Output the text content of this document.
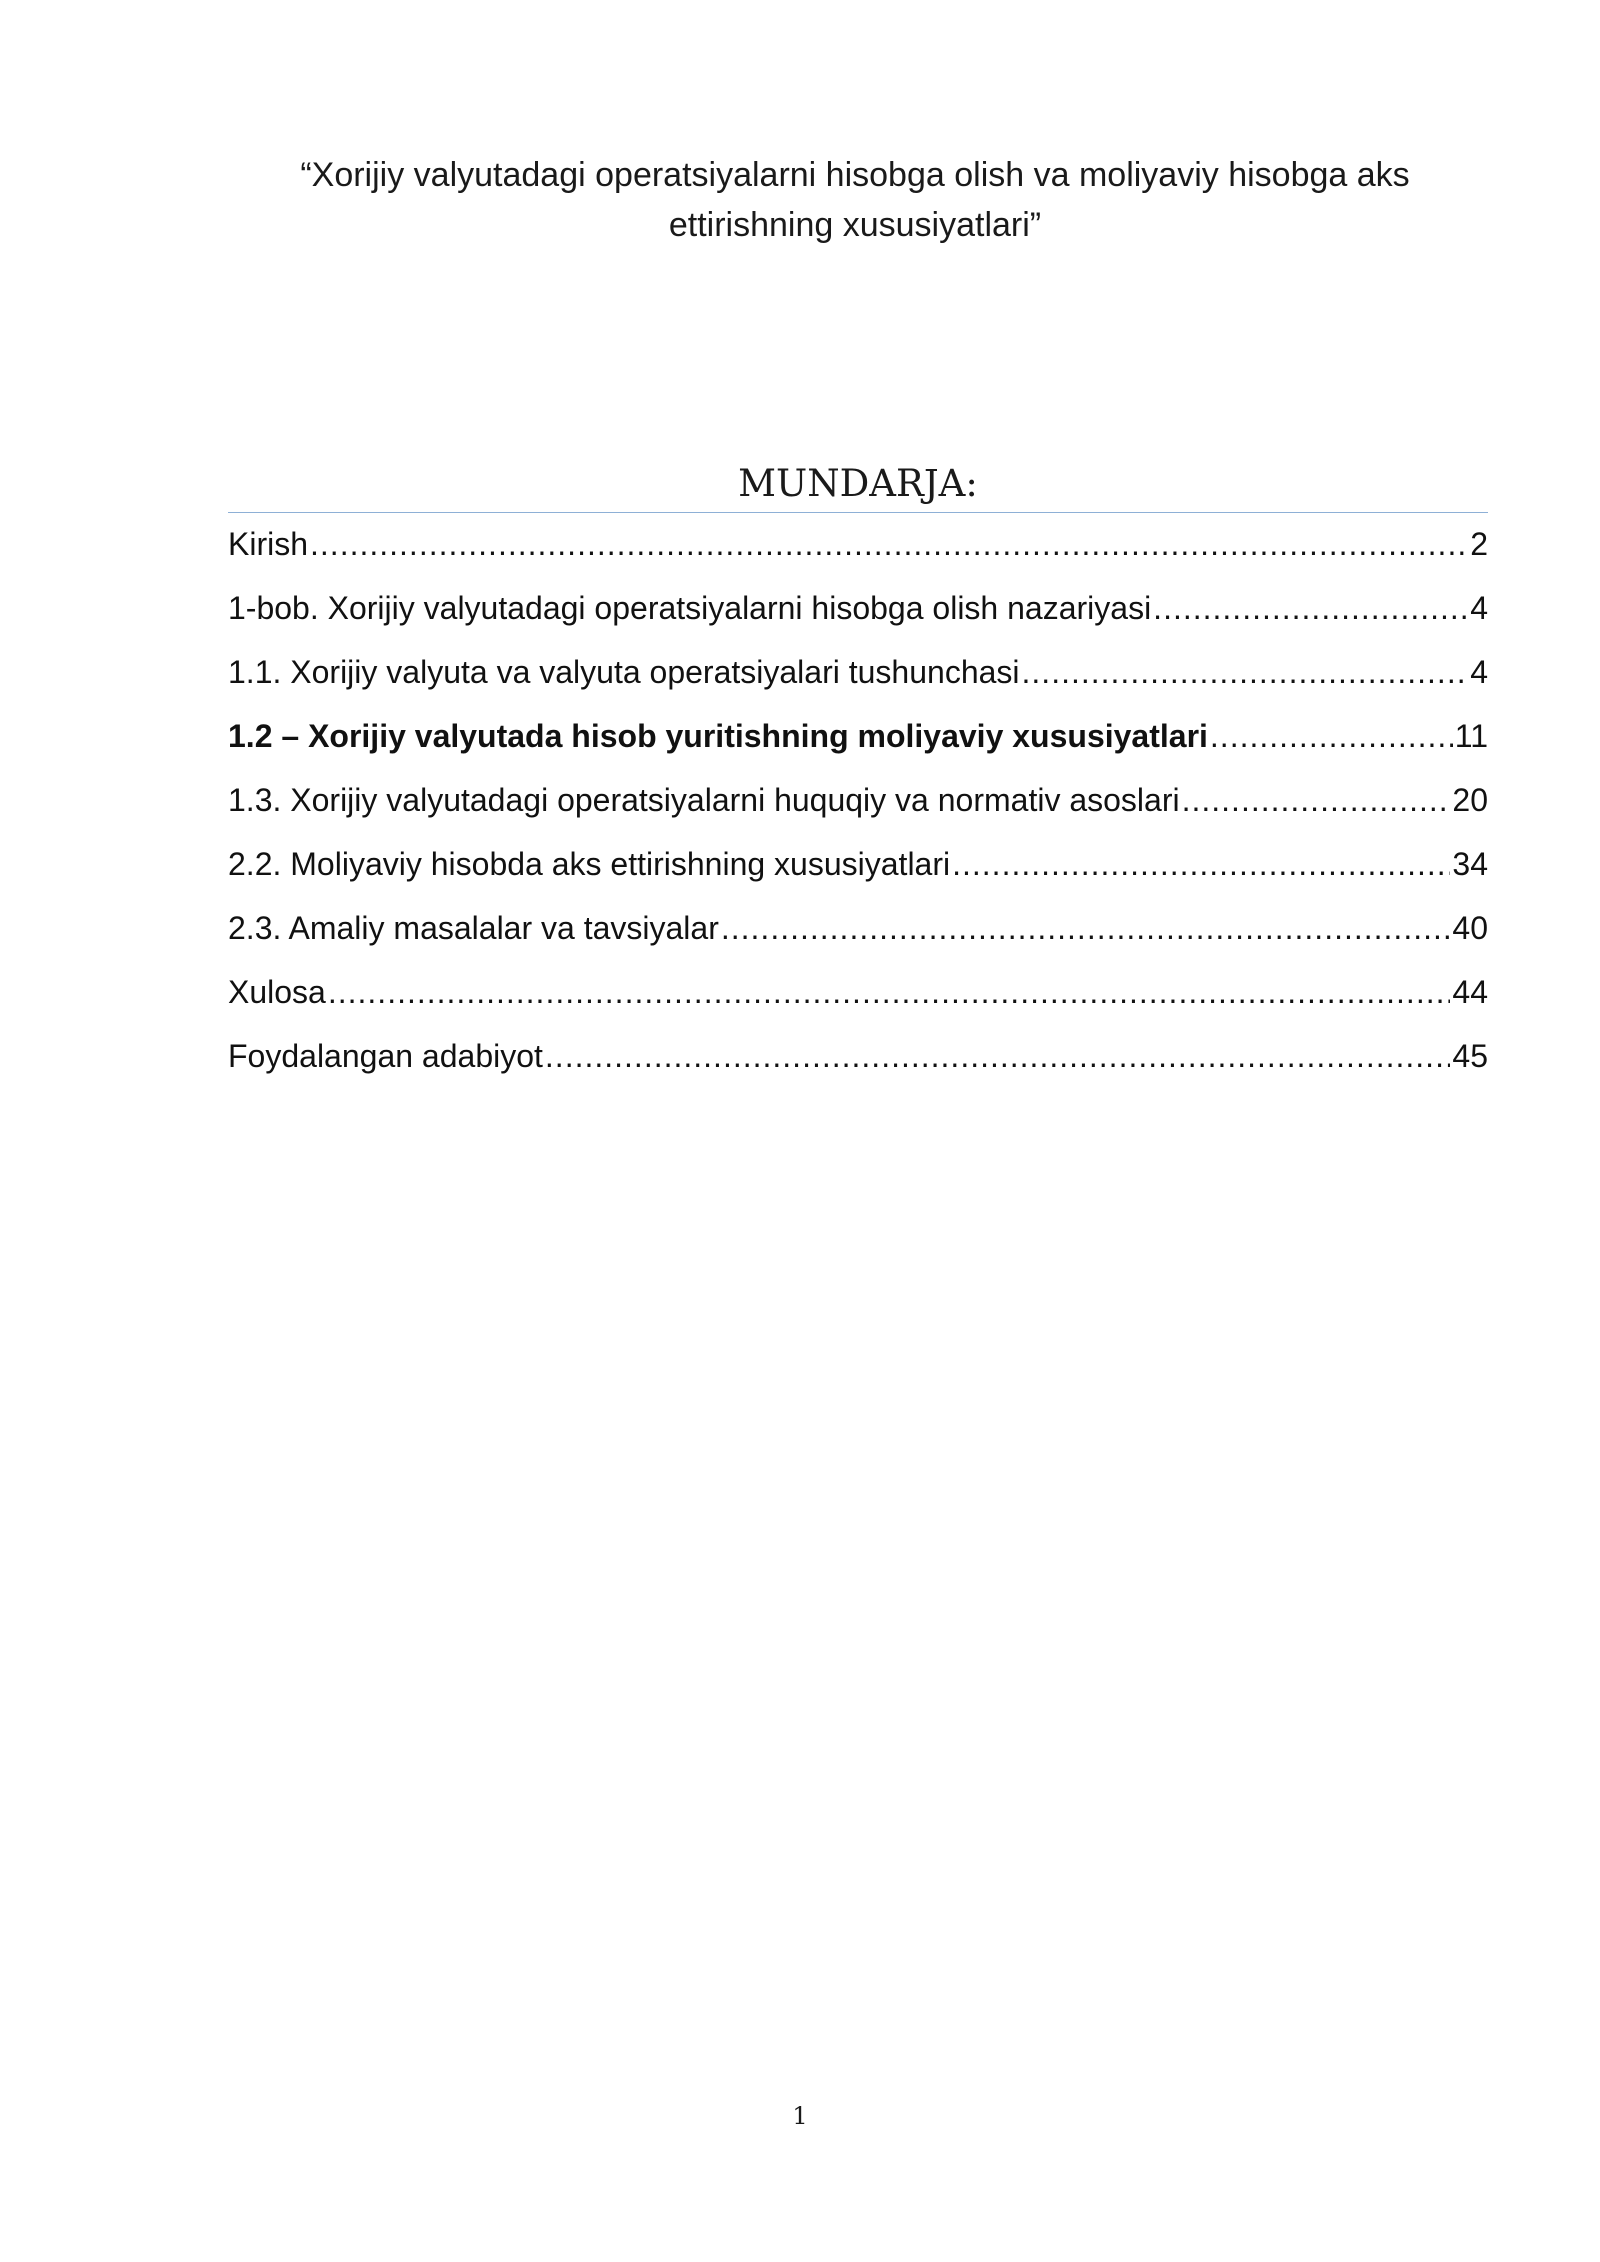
“Xorijiy valyutadagi operatsiyalarni hisobga olish va moliyaviy hisobga aks ettirishning xususiyatlari”
MUNDARJA:
Kirish .....	2
1-bob. Xorijiy valyutadagi operatsiyalarni hisobga olish nazariyasi .....	4
1.1. Xorijiy valyuta va valyuta operatsiyalari tushunchasi .....	4
1.2 – Xorijiy valyutada hisob yuritishning moliyaviy xususiyatlari .....	11
1.3. Xorijiy valyutadagi operatsiyalarni huquqiy va normativ asoslari .....	20
2.2. Moliyaviy hisobda aks ettirishning xususiyatlari .....	34
2.3. Amaliy masalalar va tavsiyalar .....	40
Xulosa .....	44
Foydalangan adabiyot .....	45
1
